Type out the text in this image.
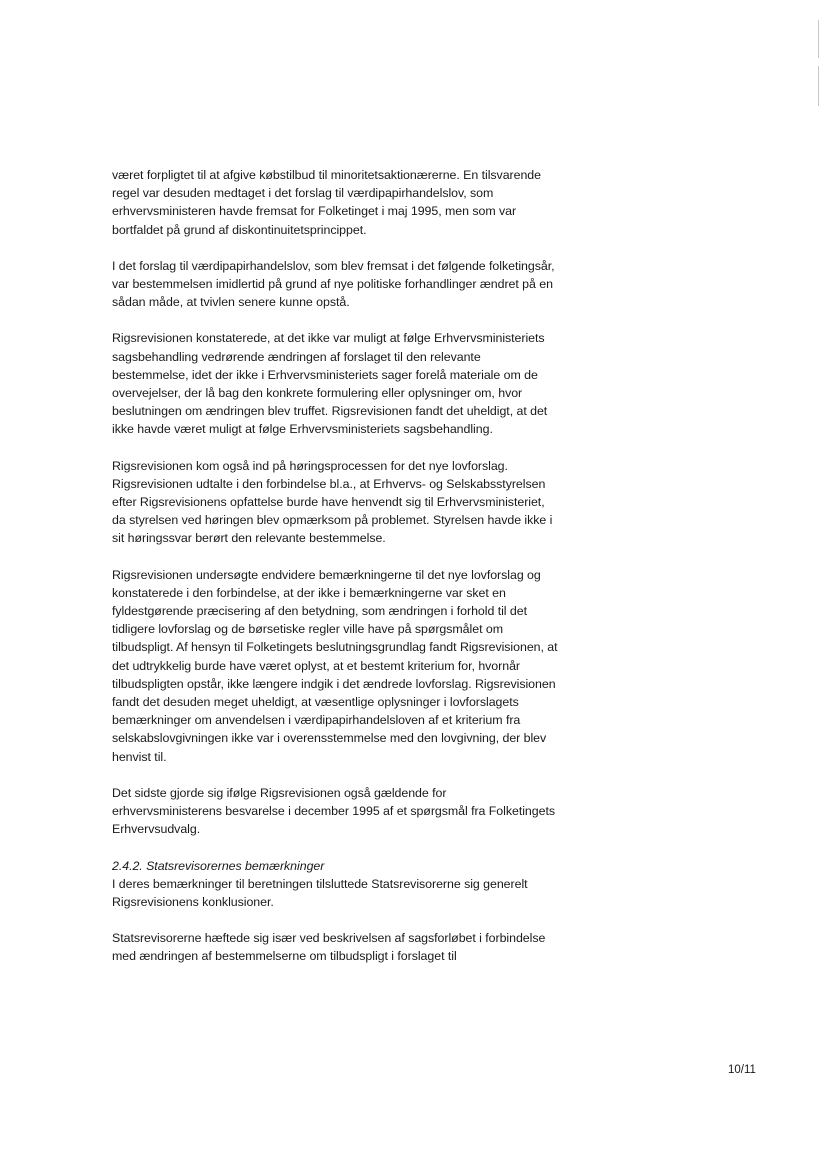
været forpligtet til at afgive købstilbud til minoritetsaktionærerne. En tilsvarende
regel var desuden medtaget i det forslag til værdipapirhandelslov, som
erhvervsministeren havde fremsat for Folketinget i maj 1995, men som var
bortfaldet på grund af diskontinuitetsprincippet.
I det forslag til værdipapirhandelslov, som blev fremsat i det følgende folketingsår,
var bestemmelsen imidlertid på grund af nye politiske forhandlinger ændret på en
sådan måde, at tvivlen senere kunne opstå.
Rigsrevisionen konstaterede, at det ikke var muligt at følge Erhvervsministeriets
sagsbehandling vedrørende ændringen af forslaget til den relevante
bestemmelse, idet der ikke i Erhvervsministeriets sager forelå materiale om de
overvejelser, der lå bag den konkrete formulering eller oplysninger om, hvor
beslutningen om ændringen blev truffet. Rigsrevisionen fandt det uheldigt, at det
ikke havde været muligt at følge Erhvervsministeriets sagsbehandling.
Rigsrevisionen kom også ind på høringsprocessen for det nye lovforslag.
Rigsrevisionen udtalte i den forbindelse bl.a., at Erhvervs- og Selskabsstyrelsen
efter Rigsrevisionens opfattelse burde have henvendt sig til Erhvervsministeriet,
da styrelsen ved høringen blev opmærksom på problemet. Styrelsen havde ikke i
sit høringssvar berørt den relevante bestemmelse.
Rigsrevisionen undersøgte endvidere bemærkningerne til det nye lovforslag og
konstaterede i den forbindelse, at der ikke i bemærkningerne var sket en
fyldestgørende præcisering af den betydning, som ændringen i forhold til det
tidligere lovforslag og de børsetiske regler ville have på spørgsmålet om
tilbudspligt. Af hensyn til Folketingets beslutningsgrundlag fandt Rigsrevisionen, at
det udtrykkelig burde have været oplyst, at et bestemt kriterium for, hvornår
tilbudspligten opstår, ikke længere indgik i det ændrede lovforslag. Rigsrevisionen
fandt det desuden meget uheldigt, at væsentlige oplysninger i lovforslagets
bemærkninger om anvendelsen i værdipapirhandelsloven af et kriterium fra
selskabslovgivningen ikke var i overensstemmelse med den lovgivning, der blev
henvist til.
Det sidste gjorde sig ifølge Rigsrevisionen også gældende for
erhvervsministerens besvarelse i december 1995 af et spørgsmål fra Folketingets
Erhvervsudvalg.
2.4.2. Statsrevisorernes bemærkninger
I deres bemærkninger til beretningen tilsluttede Statsrevisorerne sig generelt
Rigsrevisionens konklusioner.
Statsrevisorerne hæftede sig især ved beskrivelsen af sagsforløbet i forbindelse
med ændringen af bestemmelserne om tilbudspligt i forslaget til
10/11
